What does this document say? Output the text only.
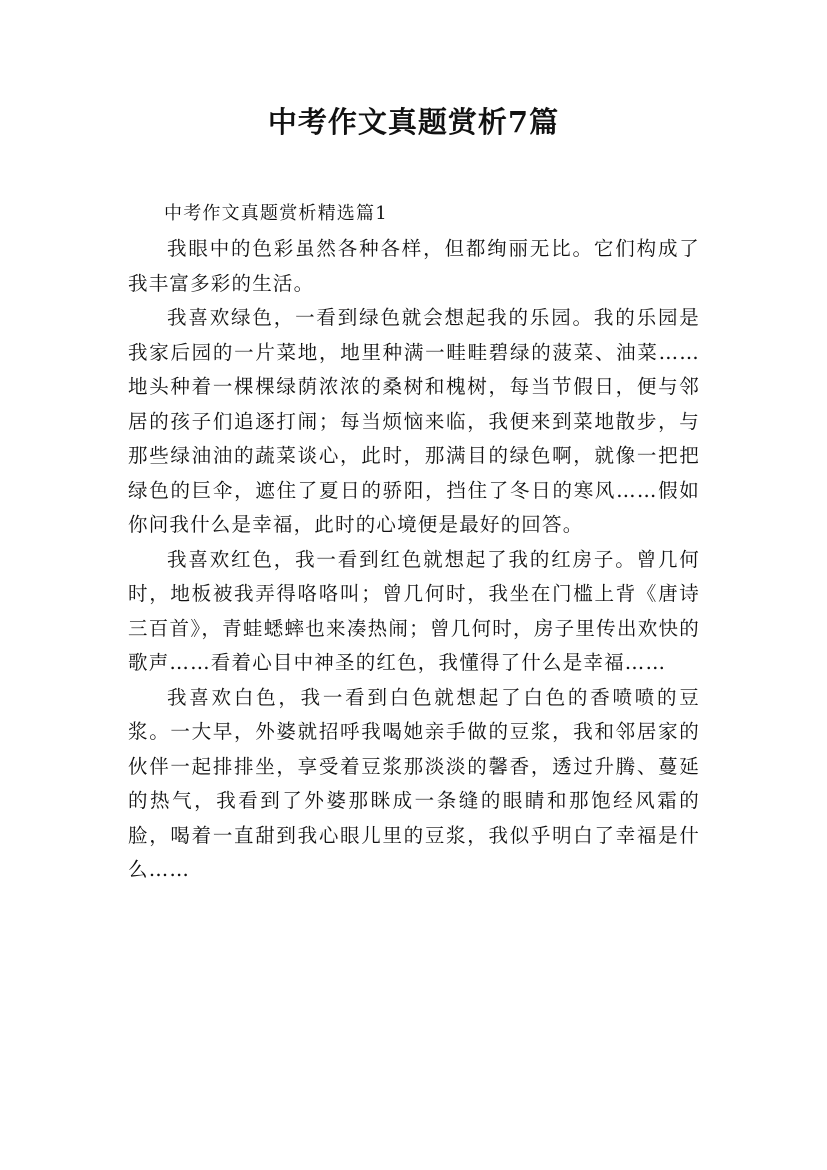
中考作文真题赏析7篇
中考作文真题赏析精选篇1

我眼中的色彩虽然各种各样，但都绚丽无比。它们构成了我丰富多彩的生活。

我喜欢绿色，一看到绿色就会想起我的乐园。我的乐园是我家后园的一片菜地，地里种满一畦畦碧绿的菠菜、油菜……地头种着一棵棵绿荫浓浓的桑树和槐树，每当节假日，便与邻居的孩子们追逐打闹；每当烦恼来临，我便来到菜地散步，与那些绿油油的蔬菜谈心，此时，那满目的绿色啊，就像一把把绿色的巨伞，遮住了夏日的骄阳，挡住了冬日的寒风……假如你问我什么是幸福，此时的心境便是最好的回答。

我喜欢红色，我一看到红色就想起了我的红房子。曾几何时，地板被我弄得咯咯叫；曾几何时，我坐在门槛上背《唐诗三百首》，青蛙蟋蟀也来凑热闹；曾几何时，房子里传出欢快的歌声……看着心目中神圣的红色，我懂得了什么是幸福……

我喜欢白色，我一看到白色就想起了白色的香喷喷的豆浆。一大早，外婆就招呼我喝她亲手做的豆浆，我和邻居家的伙伴一起排排坐，享受着豆浆那淡淡的馨香，透过升腾、蔓延的热气，我看到了外婆那眯成一条缝的眼睛和那饱经风霜的脸，喝着一直甜到我心眼儿里的豆浆，我似乎明白了幸福是什么……
